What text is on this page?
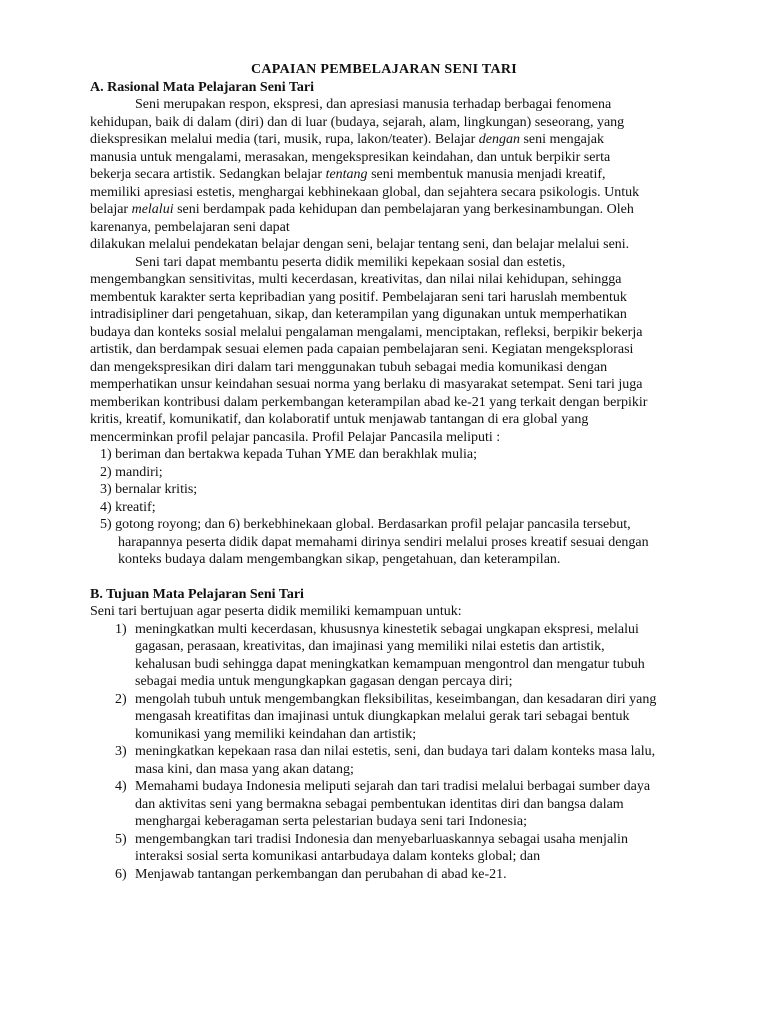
CAPAIAN PEMBELAJARAN SENI TARI
A. Rasional Mata Pelajaran Seni Tari
Seni merupakan respon, ekspresi, dan apresiasi manusia terhadap berbagai fenomena
kehidupan, baik di dalam (diri) dan di luar (budaya, sejarah, alam, lingkungan) seseorang, yang
diekspresikan melalui media (tari, musik, rupa, lakon/teater). Belajar dengan seni mengajak
manusia untuk mengalami, merasakan, mengekspresikan keindahan, dan untuk berpikir serta
bekerja secara artistik. Sedangkan belajar tentang seni membentuk manusia menjadi kreatif,
memiliki apresiasi estetis, menghargai kebhinekaan global, dan sejahtera secara psikologis. Untuk
belajar melalui seni berdampak pada kehidupan dan pembelajaran yang berkesinambungan. Oleh
karenanya, pembelajaran seni dapat
dilakukan melalui pendekatan belajar dengan seni, belajar tentang seni, dan belajar melalui seni.
Seni tari dapat membantu peserta didik memiliki kepekaan sosial dan estetis,
mengembangkan sensitivitas, multi kecerdasan, kreativitas, dan nilai nilai kehidupan, sehingga
membentuk karakter serta kepribadian yang positif. Pembelajaran seni tari haruslah membentuk
intradisipliner dari pengetahuan, sikap, dan keterampilan yang digunakan untuk memperhatikan
budaya dan konteks sosial melalui pengalaman mengalami, menciptakan, refleksi, berpikir bekerja
artistik, dan berdampak sesuai elemen pada capaian pembelajaran seni. Kegiatan mengeksplorasi
dan mengekspresikan diri dalam tari menggunakan tubuh sebagai media komunikasi dengan
memperhatikan unsur keindahan sesuai norma yang berlaku di masyarakat setempat. Seni tari juga
memberikan kontribusi dalam perkembangan keterampilan abad ke-21 yang terkait dengan berpikir
kritis, kreatif, komunikatif, dan kolaboratif untuk menjawab tantangan di era global yang
mencerminkan profil pelajar pancasila. Profil Pelajar Pancasila meliputi :
1) beriman dan bertakwa kepada Tuhan YME dan berakhlak mulia;
2) mandiri;
3) bernalar kritis;
4) kreatif;
5) gotong royong; dan 6) berkebhinekaan global. Berdasarkan profil pelajar pancasila tersebut,
harapannya peserta didik dapat memahami dirinya sendiri melalui proses kreatif sesuai dengan
konteks budaya dalam mengembangkan sikap, pengetahuan, dan keterampilan.
B. Tujuan Mata Pelajaran Seni Tari
Seni tari bertujuan agar peserta didik memiliki kemampuan untuk:
1) meningkatkan multi kecerdasan, khususnya kinestetik sebagai ungkapan ekspresi, melalui
gagasan, perasaan, kreativitas, dan imajinasi yang memiliki nilai estetis dan artistik,
kehalusan budi sehingga dapat meningkatkan kemampuan mengontrol dan mengatur tubuh
sebagai media untuk mengungkapkan gagasan dengan percaya diri;
2) mengolah tubuh untuk mengembangkan fleksibilitas, keseimbangan, dan kesadaran diri yang
mengasah kreatifitas dan imajinasi untuk diungkapkan melalui gerak tari sebagai bentuk
komunikasi yang memiliki keindahan dan artistik;
3) meningkatkan kepekaan rasa dan nilai estetis, seni, dan budaya tari dalam konteks masa lalu,
masa kini, dan masa yang akan datang;
4) Memahami budaya Indonesia meliputi sejarah dan tari tradisi melalui berbagai sumber daya
dan aktivitas seni yang bermakna sebagai pembentukan identitas diri dan bangsa dalam
menghargai keberagaman serta pelestarian budaya seni tari Indonesia;
5) mengembangkan tari tradisi Indonesia dan menyebarluaskannya sebagai usaha menjalin
interaksi sosial serta komunikasi antarbudaya dalam konteks global; dan
6) Menjawab tantangan perkembangan dan perubahan di abad ke-21.
